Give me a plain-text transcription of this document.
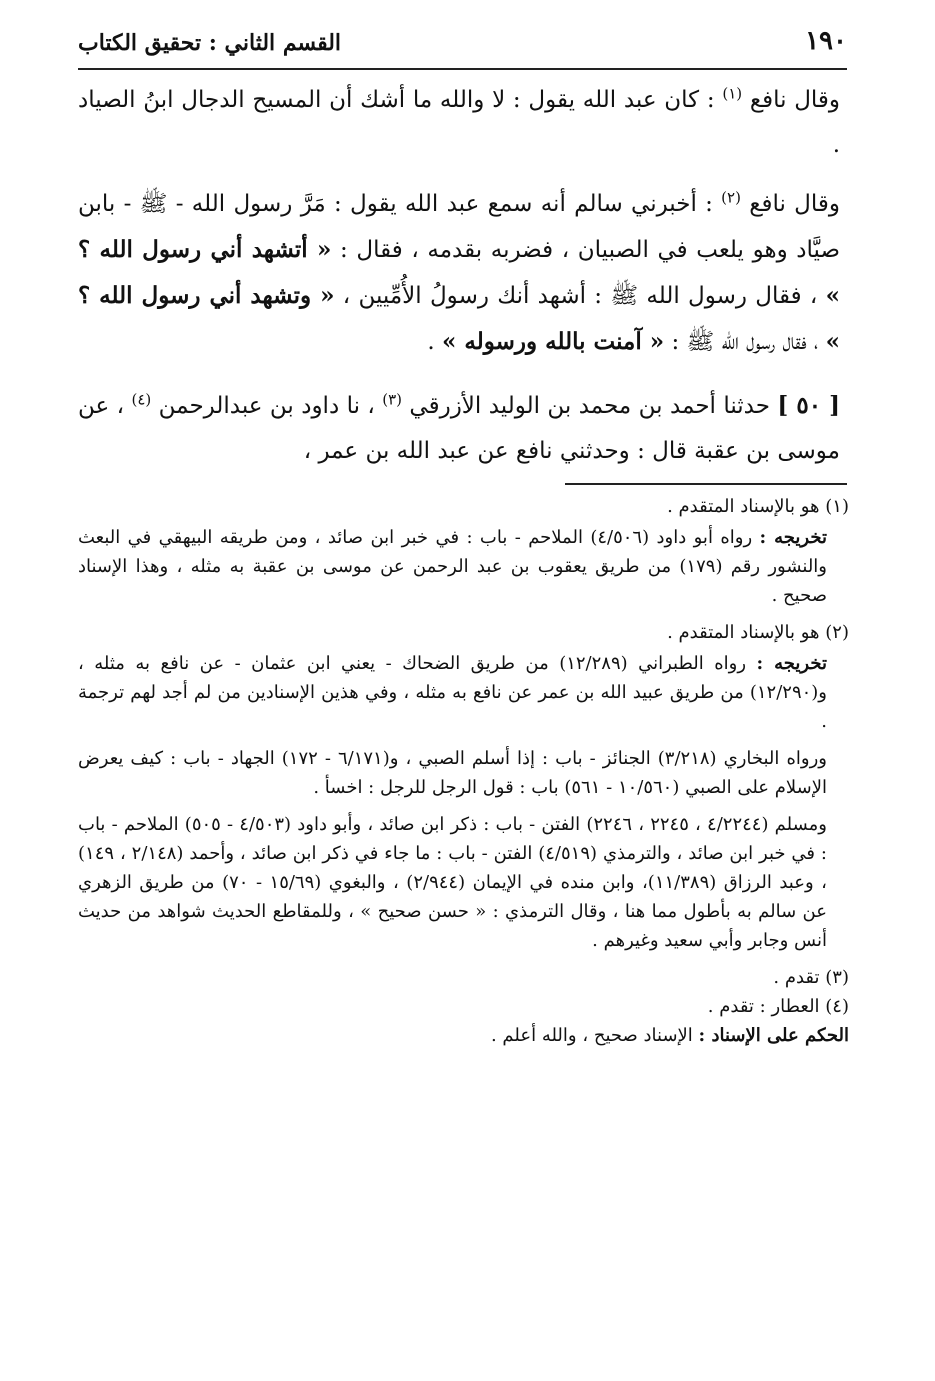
١٩٠
القسم الثاني : تحقيق الكتاب

وقال نافع $^{(١)}$ : كان عبد الله يقول : لا والله ما أشك أن المسيح الدجال ابنُ الصياد .

وقال نافع $^{(٢)}$ : أخبرني سالم أنه سمع عبد الله يقول : مَرَّ رسول الله - ﷺ - بابن صيَّاد وهو يلعب في الصبيان ، فضربه بقدمه ، فقال : « أتشهد أني رسول الله ؟ » ، فقال رسول الله ﷺ : أشهد أنك رسولُ الأُمِّيين ، « وتشهد أني رسول الله ؟ » ، فقال رسول الله ﷺ : « آمنت بالله ورسوله » .

[ ٥٠ ] حدثنا أحمد بن محمد بن الوليد الأزرقي $^{(٣)}$ ، نا داود بن عبدالرحمن $^{(٤)}$ ، عن موسى بن عقبة قال : وحدثني نافع عن عبد الله بن عمر ،

(١) هو بالإسناد المتقدم .

تخريجه : رواه أبو داود (٤/٥٠٦) الملاحم - باب : في خبر ابن صائد ، ومن طريقه البيهقي في البعث والنشور رقم (١٧٩) من طريق يعقوب بن عبد الرحمن عن موسى بن عقبة به مثله ، وهذا الإسناد صحيح .

(٢) هو بالإسناد المتقدم .

تخريجه : رواه الطبراني (١٢/٢٨٩) من طريق الضحاك - يعني ابن عثمان - عن نافع به مثله ، و(١٢/٢٩٠) من طريق عبيد الله بن عمر عن نافع به مثله ، وفي هذين الإسنادين من لم أجد لهم ترجمة .

ورواه البخاري (٣/٢١٨) الجنائز - باب : إذا أسلم الصبي ، و(٦/١٧١ - ١٧٢) الجهاد - باب : كيف يعرض الإسلام على الصبي (١٠/٥٦٠ - ٥٦١) باب : قول الرجل للرجل : اخسأ .

ومسلم (٤/٢٢٤٤ ، ٢٢٤٥ ، ٢٢٤٦) الفتن - باب : ذكر ابن صائد ، وأبو داود (٤/٥٠٣ - ٥٠٥) الملاحم - باب : في خبر ابن صائد ، والترمذي (٤/٥١٩) الفتن - باب : ما جاء في ذكر ابن صائد ، وأحمد (٢/١٤٨ ، ١٤٩) ، وعبد الرزاق (١١/٣٨٩)، وابن منده في الإيمان (٢/٩٤٤) ، والبغوي (١٥/٦٩ - ٧٠) من طريق الزهري عن سالم به بأطول مما هنا ، وقال الترمذي : « حسن صحيح » ، وللمقاطع الحديث شواهد من حديث أنس وجابر وأبي سعيد وغيرهم .

(٣) تقدم .

(٤) العطار : تقدم .

الحكم على الإسناد : الإسناد صحيح ، والله أعلم .
